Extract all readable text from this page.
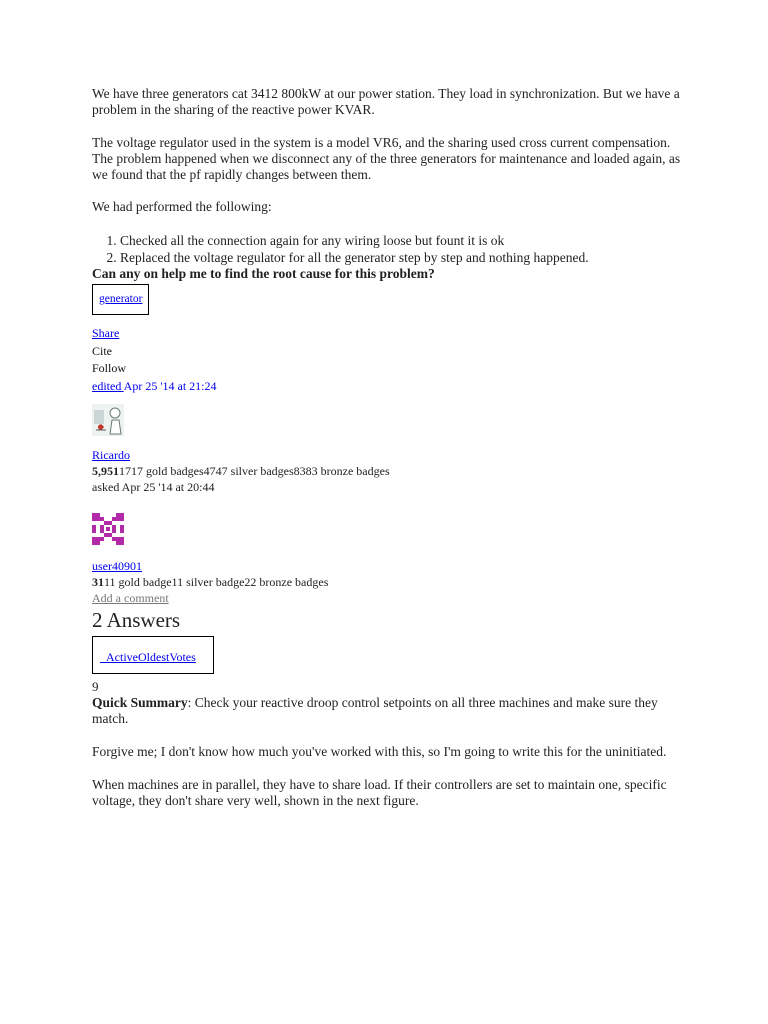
We have three generators cat 3412 800kW at our power station. They load in synchronization. But we have a problem in the sharing of the reactive power KVAR.

The voltage regulator used in the system is a model VR6, and the sharing used cross current compensation. The problem happened when we disconnect any of the three generators for maintenance and loaded again, as we found that the pf rapidly changes between them.

We had performed the following:

1. Checked all the connection again for any wiring loose but fount it is ok
2. Replaced the voltage regulator for all the generator step by step and nothing happened.

Can any on help me to find the root cause for this problem?

generator
Share
Cite
Follow
edited Apr 25 '14 at 21:24
Ricardo
5,9511717 gold badges4747 silver badges8383 bronze badges
asked Apr 25 '14 at 20:44
user40901
3111 gold badge11 silver badge22 bronze badges
Add a comment
2 Answers
ActiveOldestVotes
9

Quick Summary: Check your reactive droop control setpoints on all three machines and make sure they match.

Forgive me; I don't know how much you've worked with this, so I'm going to write this for the uninitiated.

When machines are in parallel, they have to share load. If their controllers are set to maintain one, specific voltage, they don't share very well, shown in the next figure.
